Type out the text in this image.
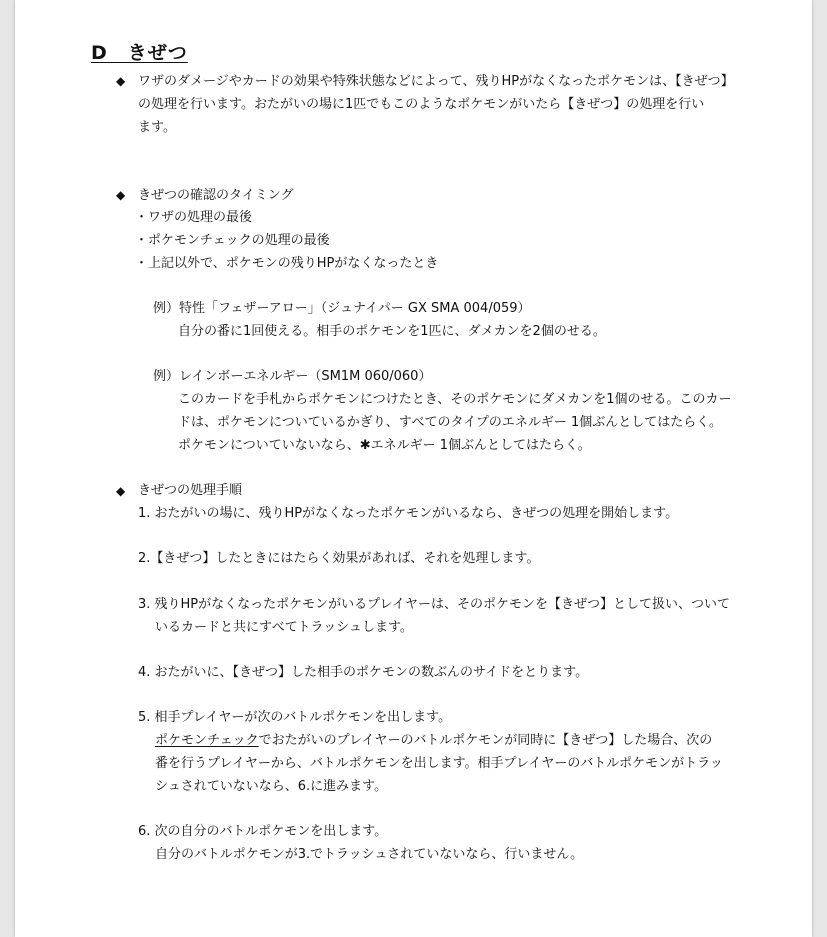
D　きぜつ
◆ ワザのダメージやカードの効果や特殊状態などによって、残りHPがなくなったポケモンは、【きぜつ】
の処理を行います。おたがいの場に1匹でもこのようなポケモンがいたら【きぜつ】の処理を行い
ます。
◆ きぜつの確認のタイミング
・ワザの処理の最後
・ポケモンチェックの処理の最後
・上記以外で、ポケモンの残りHPがなくなったとき
例）特性「フェザーアロー」（ジュナイパー GX SMA 004/059）
自分の番に1回使える。相手のポケモンを1匹に、ダメカンを2個のせる。
例）レインボーエネルギー（SM1M 060/060）
このカードを手札からポケモンにつけたとき、そのポケモンにダメカンを1個のせる。このカー
ドは、ポケモンについているかぎり、すべてのタイプのエネルギー 1個ぶんとしてはたらく。
ポケモンについていないなら、✱エネルギー 1個ぶんとしてはたらく。
◆ きぜつの処理手順
1. おたがいの場に、残りHPがなくなったポケモンがいるなら、きぜつの処理を開始します。
2.【きぜつ】したときにはたらく効果があれば、それを処理します。
3. 残りHPがなくなったポケモンがいるプレイヤーは、そのポケモンを【きぜつ】として扱い、ついて
いるカードと共にすべてトラッシュします。
4. おたがいに、【きぜつ】した相手のポケモンの数ぶんのサイドをとります。
5. 相手プレイヤーが次のバトルポケモンを出します。
ポケモンチェックでおたがいのプレイヤーのバトルポケモンが同時に【きぜつ】した場合、次の
番を行うプレイヤーから、バトルポケモンを出します。相手プレイヤーのバトルポケモンがトラッ
シュされていないなら、6.に進みます。
6. 次の自分のバトルポケモンを出します。
自分のバトルポケモンが3.でトラッシュされていないなら、行いません。
